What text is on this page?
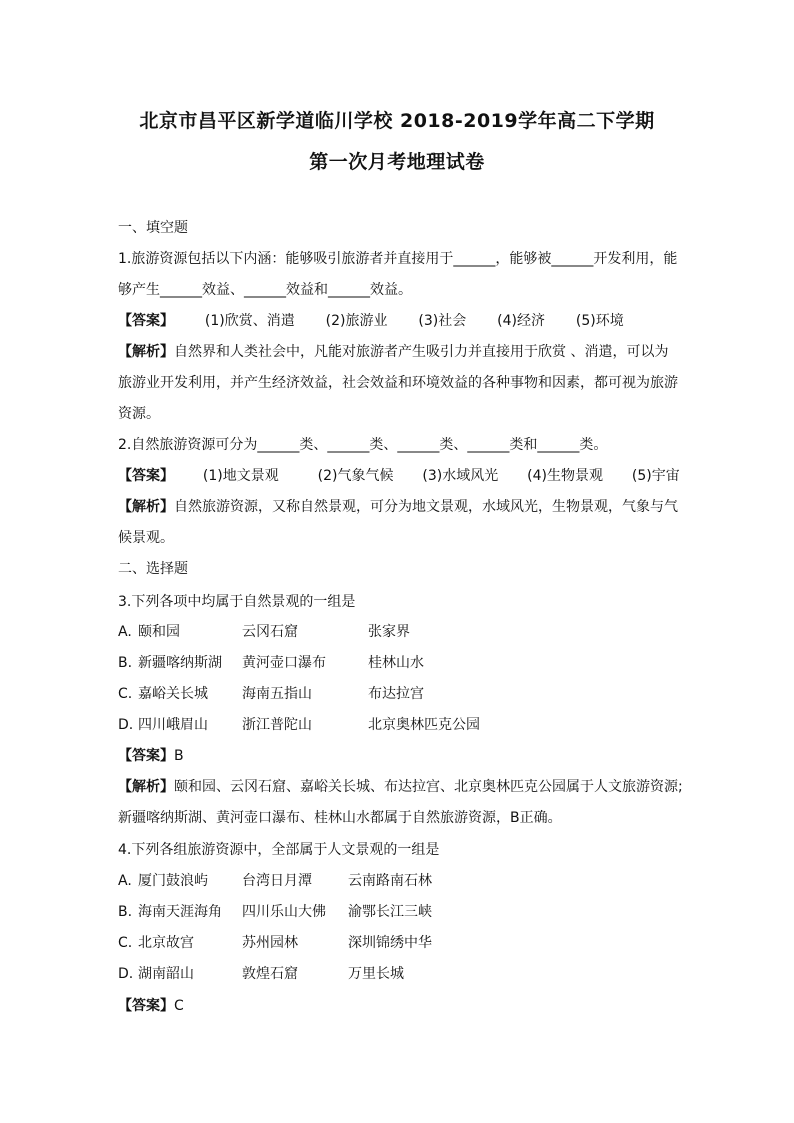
北京市昌平区新学道临川学校 2018-2019学年高二下学期
第一次月考地理试卷
一、填空题
1.旅游资源包括以下内涵：能够吸引旅游者并直接用于______，能够被______开发利用，能
够产生______效益、______效益和______效益。
【答案】 (1)欣赏、消遣 (2)旅游业 (3)社会 (4)经济 (5)环境
【解析】自然界和人类社会中，凡能对旅游者产生吸引力并直接用于欣赏 、消遣，可以为
旅游业开发利用，并产生经济效益，社会效益和环境效益的各种事物和因素，都可视为旅游
资源。
2.自然旅游资源可分为______类、______类、______类、______类和______类。
【答案】 (1)地文景观	(2)气象气候 (3)水域风光 (4)生物景观 (5)宇宙
【解析】自然旅游资源，又称自然景观，可分为地文景观，水域风光，生物景观，气象与气
候景观。
二、选择题
3.下列各项中均属于自然景观的一组是
A. 颐和园	云冈石窟	张家界
B. 新疆喀纳斯湖 黄河壶口瀑布	桂林山水
C. 嘉峪关长城 海南五指山	布达拉宫
D. 四川峨眉山 浙江普陀山	北京奥林匹克公园
【答案】B
【解析】颐和园、云冈石窟、嘉峪关长城、布达拉宫、北京奥林匹克公园属于人文旅游资源;
新疆喀纳斯湖、黄河壶口瀑布、桂林山水都属于自然旅游资源，B正确。
4.下列各组旅游资源中，全部属于人文景观的一组是
A. 厦门鼓浪屿 台湾日月潭	云南路南石林
B. 海南天涯海角 四川乐山大佛 渝鄂长江三峡
C. 北京故宫	苏州园林	深圳锦绣中华
D. 湖南韶山	敦煌石窟	万里长城
【答案】C
